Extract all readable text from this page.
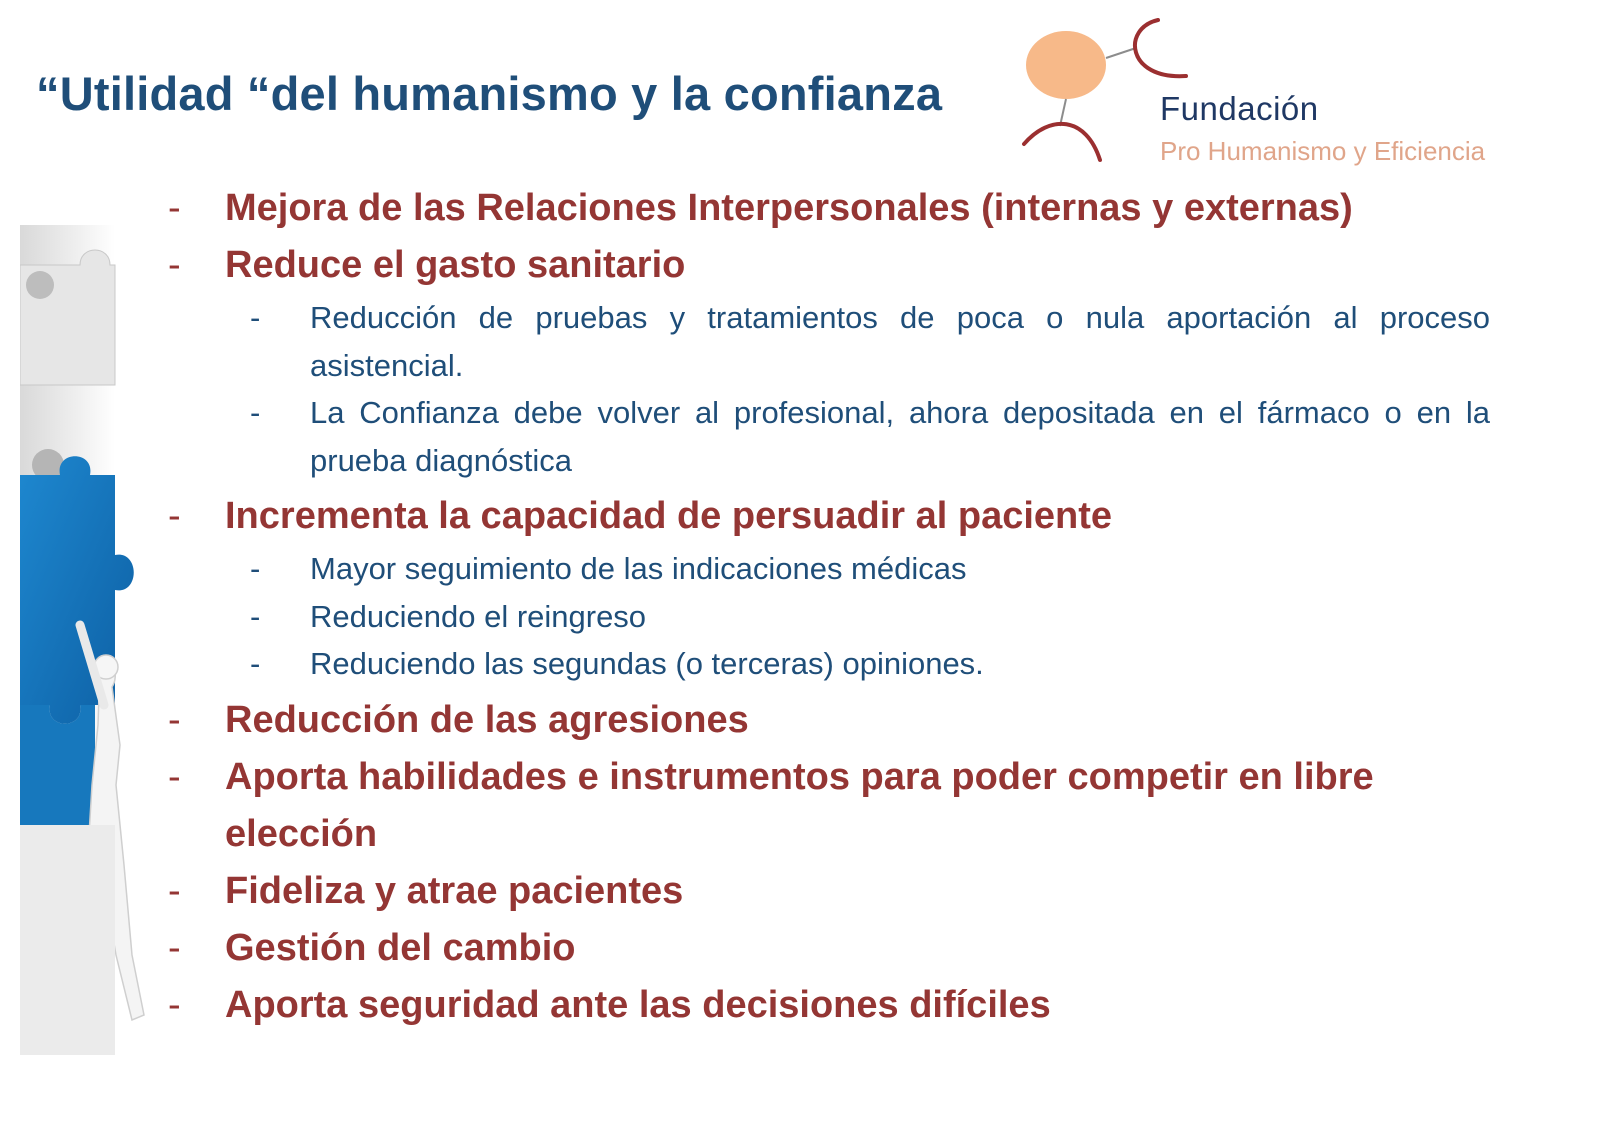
“Utilidad “del humanismo y la confianza	Fundación
Pro Humanismo y Eficiencia
- Mejora de las Relaciones Interpersonales (internas y externas)
- Reduce el gasto sanitario
- Reducción de pruebas y tratamientos de poca o nula aportación al proceso asistencial.
- La Confianza debe volver al profesional, ahora depositada en el fármaco o en la prueba diagnóstica
- Incrementa la capacidad de persuadir al paciente
- Mayor seguimiento de las indicaciones médicas
- Reduciendo el reingreso
- Reduciendo las segundas (o terceras) opiniones.
- Reducción de las agresiones
- Aporta habilidades e instrumentos para poder competir en libre elección
- Fideliza y atrae pacientes
- Gestión del cambio
- Aporta seguridad ante las decisiones difíciles
